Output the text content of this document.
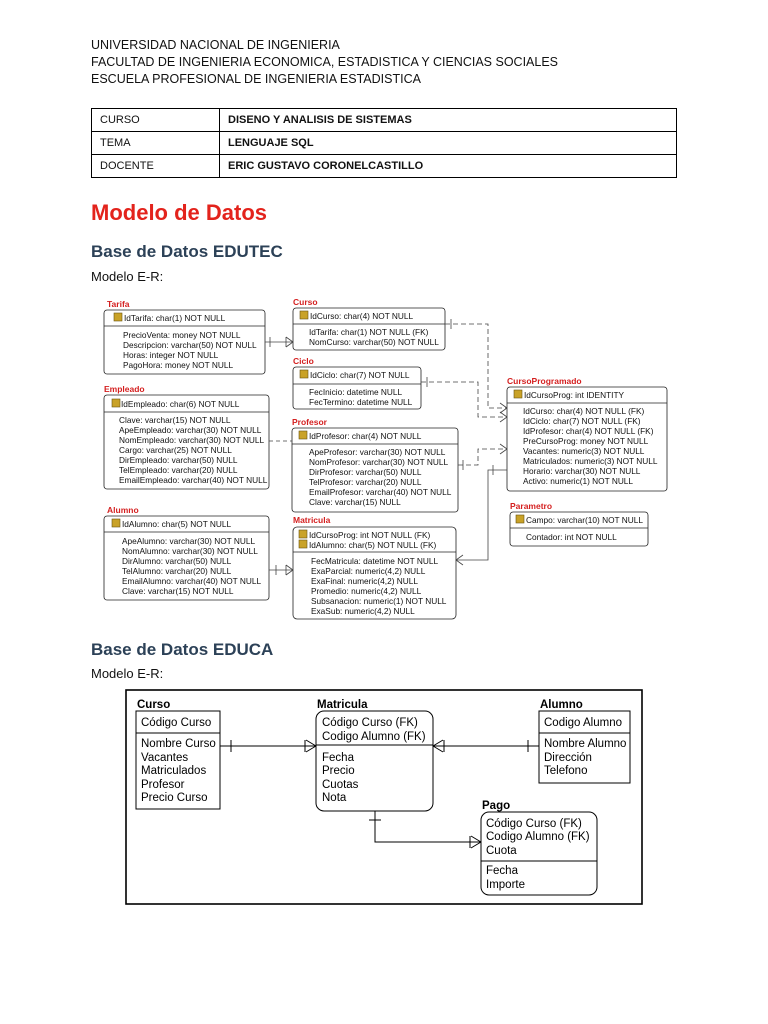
UNIVERSIDAD NACIONAL DE INGENIERIA
FACULTAD DE INGENIERIA ECONOMICA, ESTADISTICA Y CIENCIAS SOCIALES
ESCUELA PROFESIONAL DE INGENIERIA ESTADISTICA
CURSO	DISENO Y ANALISIS DE SISTEMAS
TEMA	LENGUAJE SQL
DOCENTE	ERIC GUSTAVO CORONELCASTILLO
Modelo de Datos
Base de Datos EDUTEC
Modelo E-R:
Base de Datos EDUCA
Modelo E-R:
Tarifa	Curso
Ciclo
Empleado
Profesor
CursoProgramado
Alumno
Matricula
Parametro
IdTarifa: char(1) NOT NULL
PrecioVenta: money NOT NULL
Descripcion: varchar(50) NOT NULL
Horas: integer NOT NULL
PagoHora: money NOT NULL
IdCurso: char(4) NOT NULL
IdTarifa: char(1) NOT NULL (FK)
NomCurso: varchar(50) NOT NULL
IdCiclo: char(7) NOT NULL
FecInicio: datetime NULL
FecTermino: datetime NULL
IdEmpleado: char(6) NOT NULL
Clave: varchar(15) NOT NULL
ApeEmpleado: varchar(30) NOT NULL
NomEmpleado: varchar(30) NOT NULL
Cargo: varchar(25) NOT NULL
DirEmpleado: varchar(50) NULL
TelEmpleado: varchar(20) NULL
EmailEmpleado: varchar(40) NOT NULL
IdProfesor: char(4) NOT NULL
ApeProfesor: varchar(30) NOT NULL
NomProfesor: varchar(30) NOT NULL
DirProfesor: varchar(50) NULL
TelProfesor: varchar(20) NULL
EmailProfesor: varchar(40) NOT NULL
Clave: varchar(15) NULL
IdCursoProg: int IDENTITY
IdCurso: char(4) NOT NULL (FK)
IdCiclo: char(7) NOT NULL (FK)
IdProfesor: char(4) NOT NULL (FK)
PreCursoProg: money NOT NULL
Vacantes: numeric(3) NOT NULL
Matriculados: numeric(3) NOT NULL
Horario: varchar(30) NOT NULL
Activo: numeric(1) NOT NULL
IdAlumno: char(5) NOT NULL
ApeAlumno: varchar(30) NOT NULL
NomAlumno: varchar(30) NOT NULL
DirAlumno: varchar(50) NULL
TelAlumno: varchar(20) NULL
EmailAlumno: varchar(40) NOT NULL
Clave: varchar(15) NOT NULL
IdCursoProg: int NOT NULL (FK)
IdAlumno: char(5) NOT NULL (FK)
FecMatricula: datetime NOT NULL
ExaParcial: numeric(4,2) NULL
ExaFinal: numeric(4,2) NULL
Promedio: numeric(4,2) NULL
Subsanacion: numeric(1) NOT NULL
ExaSub: numeric(4,2) NULL
Campo: varchar(10) NOT NULL
Contador: int NOT NULL
Curso	Matricula	Alumno
Pago
Código Curso
Nombre Curso
Vacantes
Matriculados
Profesor
Precio Curso
Código Curso (FK)
Codigo Alumno (FK)
Fecha
Precio
Cuotas
Nota
Codigo Alumno
Nombre Alumno
Dirección
Telefono
Código Curso (FK)
Codigo Alumno (FK)
Cuota
Fecha
Importe
